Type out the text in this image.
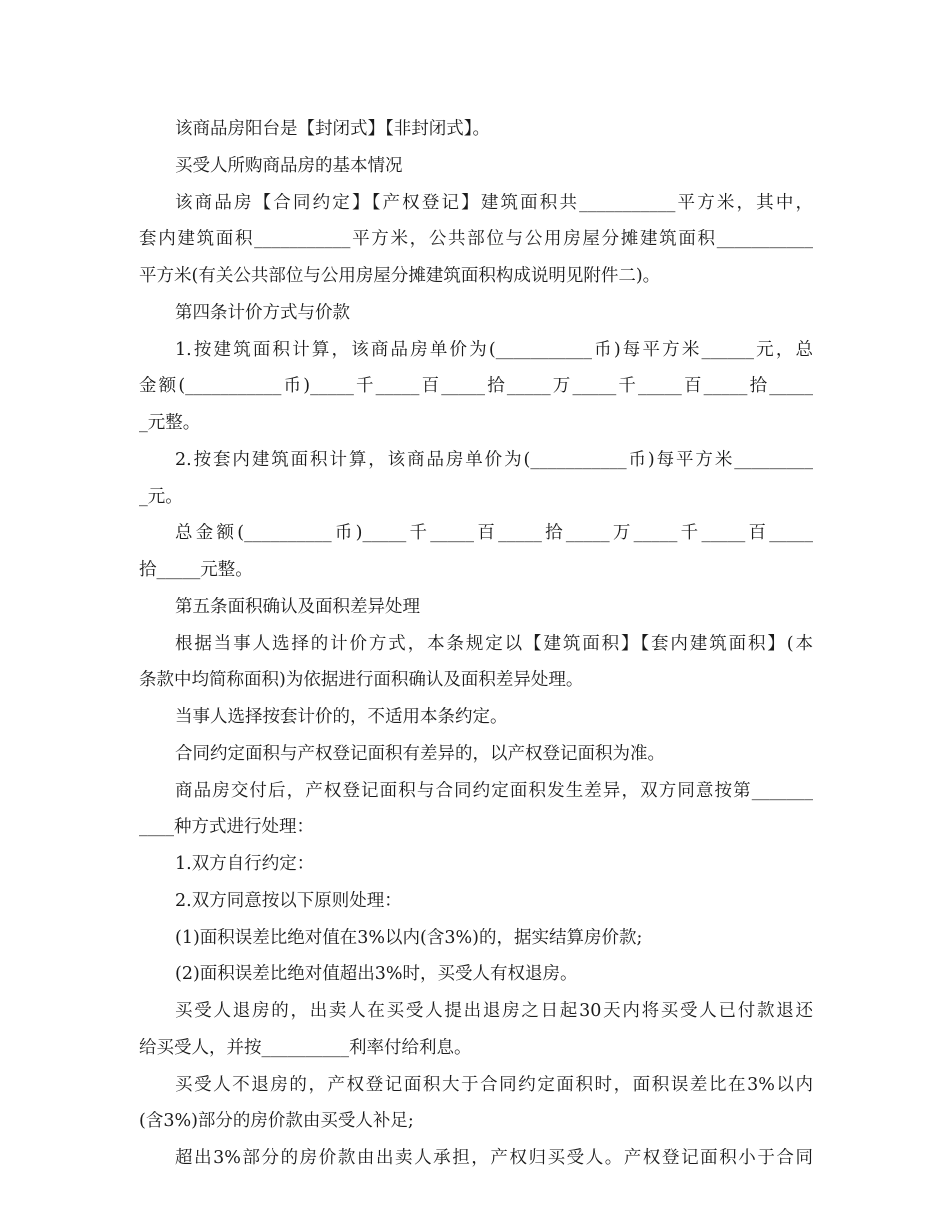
该商品房阳台是【封闭式】【非封闭式】。
买受人所购商品房的基本情况
该商品房【合同约定】【产权登记】建筑面积共___________平方米，其中，
套内建筑面积___________平方米，公共部位与公用房屋分摊建筑面积___________
平方米(有关公共部位与公用房屋分摊建筑面积构成说明见附件二)。
第四条计价方式与价款
1.按建筑面积计算，该商品房单价为(___________币)每平方米______元，总
金额(___________币)_____千_____百_____拾_____万_____千_____百_____拾_____
_元整。
2.按套内建筑面积计算，该商品房单价为(___________币)每平方米_________
_元。
总金额(__________币)_____千_____百_____拾_____万_____千_____百_____
拾_____元整。
第五条面积确认及面积差异处理
根据当事人选择的计价方式，本条规定以【建筑面积】【套内建筑面积】(本
条款中均简称面积)为依据进行面积确认及面积差异处理。
当事人选择按套计价的，不适用本条约定。
合同约定面积与产权登记面积有差异的，以产权登记面积为准。
商品房交付后，产权登记面积与合同约定面积发生差异，双方同意按第_______
____种方式进行处理：
1.双方自行约定：
2.双方同意按以下原则处理：
(1)面积误差比绝对值在3%以内(含3%)的，据实结算房价款;
(2)面积误差比绝对值超出3%时，买受人有权退房。
买受人退房的，出卖人在买受人提出退房之日起30天内将买受人已付款退还
给买受人，并按__________利率付给利息。
买受人不退房的，产权登记面积大于合同约定面积时，面积误差比在3%以内
(含3%)部分的房价款由买受人补足;
超出3%部分的房价款由出卖人承担，产权归买受人。产权登记面积小于合同
